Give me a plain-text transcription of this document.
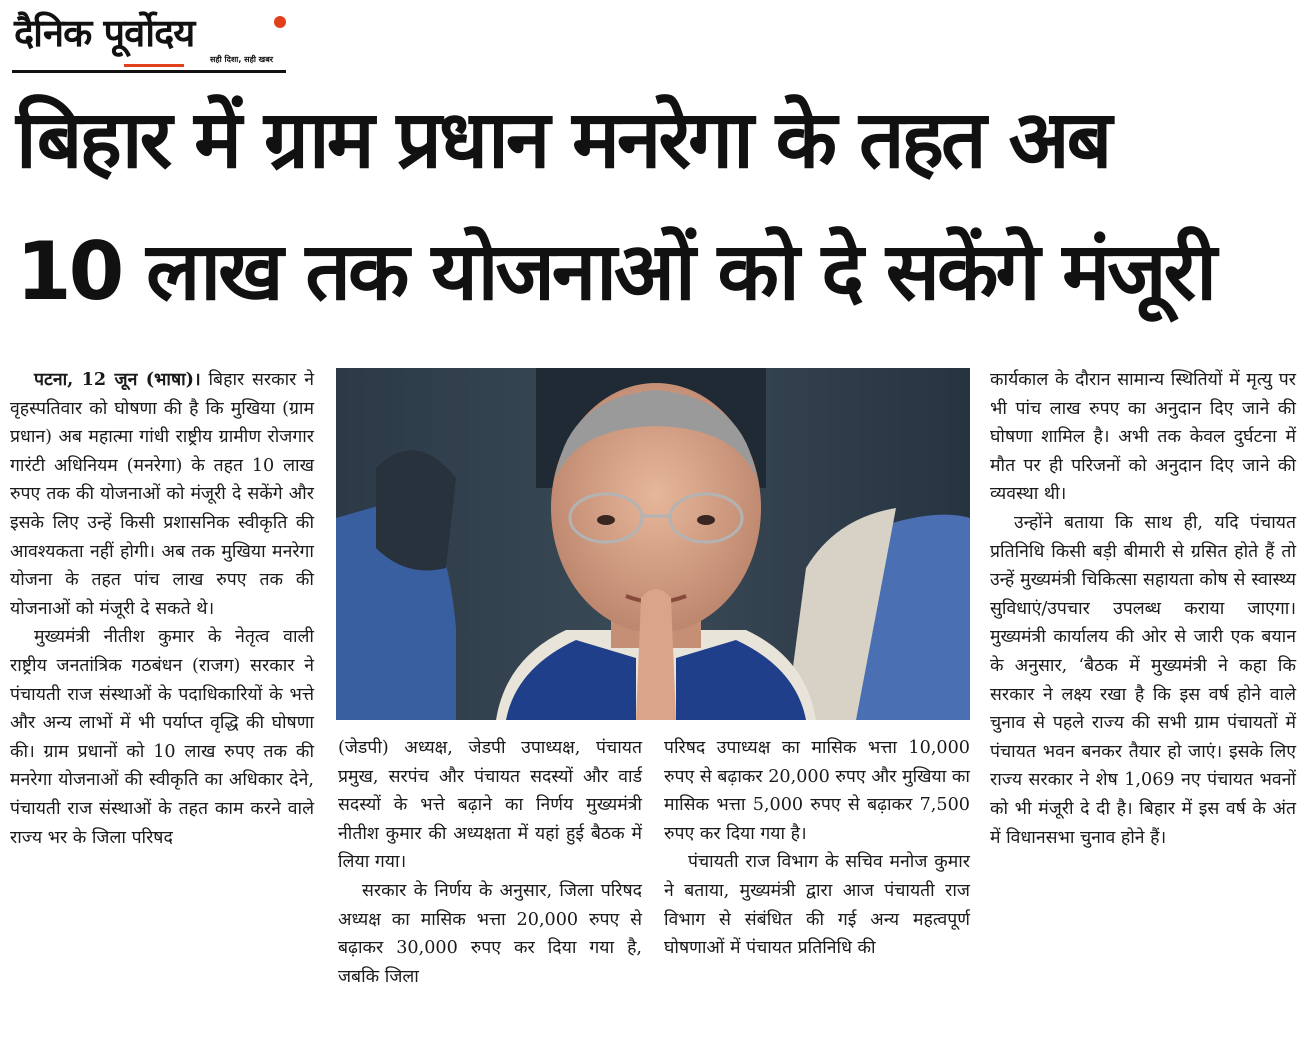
दैनिक पूर्वोदय
सही दिशा, सही खबर
बिहार में ग्राम प्रधान मनरेगा के तहत अब
10 लाख तक योजनाओं को दे सकेंगे मंजूरी

पटना, 12 जून (भाषा)। बिहार सरकार ने वृहस्पतिवार को घोषणा की है कि मुखिया (ग्राम प्रधान) अब महात्मा गांधी राष्ट्रीय ग्रामीण रोजगार गारंटी अधिनियम (मनरेगा) के तहत 10 लाख रुपए तक की योजनाओं को मंजूरी दे सकेंगे और इसके लिए उन्हें किसी प्रशासनिक स्वीकृति की आवश्यकता नहीं होगी। अब तक मुखिया मनरेगा योजना के तहत पांच लाख रुपए तक की योजनाओं को मंजूरी दे सकते थे।

मुख्यमंत्री नीतीश कुमार के नेतृत्व वाली राष्ट्रीय जनतांत्रिक गठबंधन (राजग) सरकार ने पंचायती राज संस्थाओं के पदाधिकारियों के भत्ते और अन्य लाभों में भी पर्याप्त वृद्धि की घोषणा की। ग्राम प्रधानों को 10 लाख रुपए तक की मनरेगा योजनाओं की स्वीकृति का अधिकार देने, पंचायती राज संस्थाओं के तहत काम करने वाले राज्य भर के जिला परिषद

(जेडपी) अध्यक्ष, जेडपी उपाध्यक्ष, पंचायत प्रमुख, सरपंच और पंचायत सदस्यों और वार्ड सदस्यों के भत्ते बढ़ाने का निर्णय मुख्यमंत्री नीतीश कुमार की अध्यक्षता में यहां हुई बैठक में लिया गया।

सरकार के निर्णय के अनुसार, जिला परिषद अध्यक्ष का मासिक भत्ता 20,000 रुपए से बढ़ाकर 30,000 रुपए कर दिया गया है, जबकि जिला

परिषद उपाध्यक्ष का मासिक भत्ता 10,000 रुपए से बढ़ाकर 20,000 रुपए और मुखिया का मासिक भत्ता 5,000 रुपए से बढ़ाकर 7,500 रुपए कर दिया गया है।

पंचायती राज विभाग के सचिव मनोज कुमार ने बताया, मुख्यमंत्री द्वारा आज पंचायती राज विभाग से संबंधित की गई अन्य महत्वपूर्ण घोषणाओं में पंचायत प्रतिनिधि की

कार्यकाल के दौरान सामान्य स्थितियों में मृत्यु पर भी पांच लाख रुपए का अनुदान दिए जाने की घोषणा शामिल है। अभी तक केवल दुर्घटना में मौत पर ही परिजनों को अनुदान दिए जाने की व्यवस्था थी।

उन्होंने बताया कि साथ ही, यदि पंचायत प्रतिनिधि किसी बड़ी बीमारी से ग्रसित होते हैं तो उन्हें मुख्यमंत्री चिकित्सा सहायता कोष से स्वास्थ्य सुविधाएं/उपचार उपलब्ध कराया जाएगा। मुख्यमंत्री कार्यालय की ओर से जारी एक बयान के अनुसार, ‘बैठक में मुख्यमंत्री ने कहा कि सरकार ने लक्ष्य रखा है कि इस वर्ष होने वाले चुनाव से पहले राज्य की सभी ग्राम पंचायतों में पंचायत भवन बनकर तैयार हो जाएं। इसके लिए राज्य सरकार ने शेष 1,069 नए पंचायत भवनों को भी मंजूरी दे दी है। बिहार में इस वर्ष के अंत में विधानसभा चुनाव होने हैं।
